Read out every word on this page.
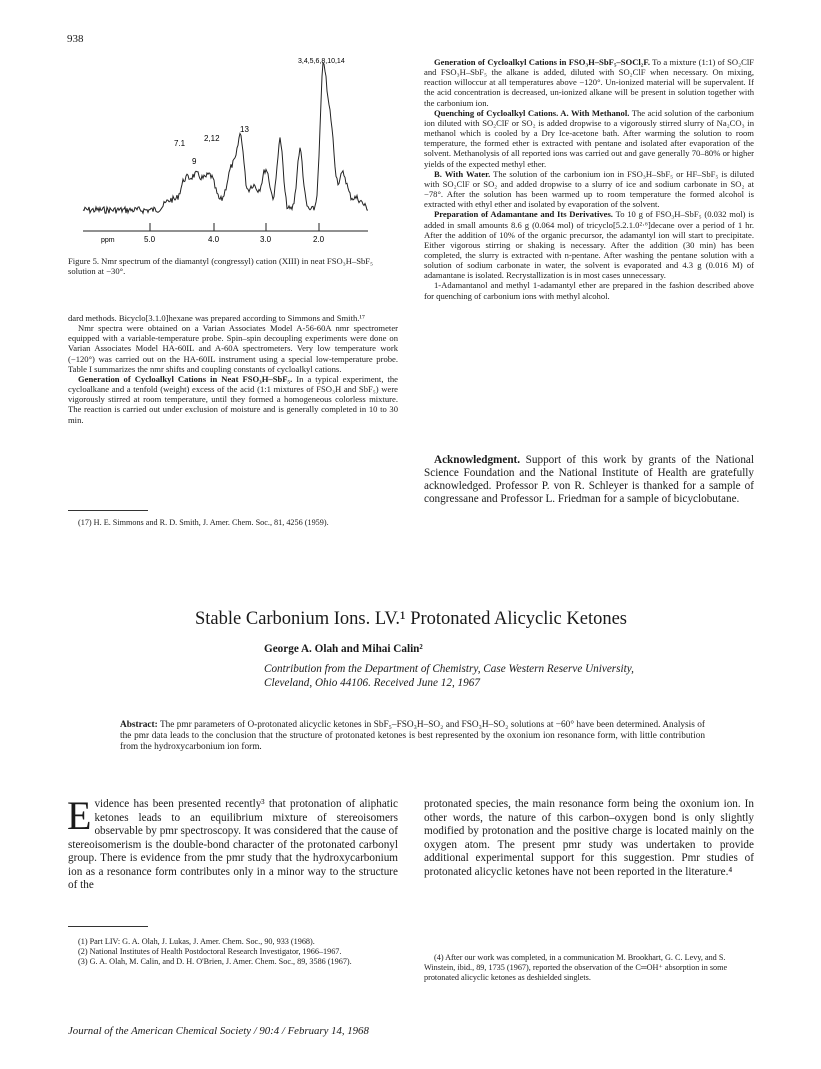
938
ppm	5.0	4.0	3.0	2.0
7.1
2,12
9
13
3,4,5,6,8,10,14
Figure 5. Nmr spectrum of the diamantyl (congressyl) cation (XIII) in neat FSO₃H–SbF₅ solution at −30°.

dard methods. Bicyclo[3.1.0]hexane was prepared according to Simmons and Smith.¹⁷

Nmr spectra were obtained on a Varian Associates Model A-56-60A nmr spectrometer equipped with a variable-temperature probe. Spin–spin decoupling experiments were done on Varian Associates Model HA-60IL and A-60A spectrometers. Very low temperature work (−120°) was carried out on the HA-60IL instrument using a special low-temperature probe. Table I summarizes the nmr shifts and coupling constants of cycloalkyl cations.

Generation of Cycloalkyl Cations in Neat FSO₃H–SbF₅. In a typical experiment, the cycloalkane and a tenfold (weight) excess of the acid (1:1 mixtures of FSO₃H and SbF₅) were vigorously stirred at room temperature, until they formed a homogeneous colorless mixture. The reaction is carried out under exclusion of moisture and is generally completed in 10 to 30 min.

(17) H. E. Simmons and R. D. Smith, J. Amer. Chem. Soc., 81, 4256 (1959).

Generation of Cycloalkyl Cations in FSO₃H–SbF₅–SOCl₂F. To a mixture (1:1) of SO₂ClF and FSO₃H–SbF₅ the alkane is added, diluted with SO₂ClF when necessary. On mixing, reaction willoccur at all temperatures above −120°. Un-ionized material will be supervalent. If the acid concentration is decreased, un-ionized alkane will be present in solution together with the carbonium ion.

Quenching of Cycloalkyl Cations. A. With Methanol. The acid solution of the carbonium ion diluted with SO₂ClF or SO₂ is added dropwise to a vigorously stirred slurry of Na₂CO₃ in methanol which is cooled by a Dry Ice-acetone bath. After warming the solution to room temperature, the formed ether is extracted with pentane and isolated after evaporation of the solvent. Methanolysis of all reported ions was carried out and gave generally 70–80% or higher yields of the expected methyl ether.

B. With Water. The solution of the carbonium ion in FSO₃H–SbF₅ or HF–SbF₅ is diluted with SO₂ClF or SO₂ and added dropwise to a slurry of ice and sodium carbonate in SO₂ at −78°. After the solution has been warmed up to room temperature the formed alcohol is extracted with ethyl ether and isolated by evaporation of the solvent.

Preparation of Adamantane and Its Derivatives. To 10 g of FSO₃H–SbF₅ (0.032 mol) is added in small amounts 8.6 g (0.064 mol) of tricyclo[5.2.1.0²·⁶]decane over a period of 1 hr. After the addition of 10% of the organic precursor, the adamantyl ion will start to precipitate. Either vigorous stirring or shaking is necessary. After the addition (30 min) has been completed, the slurry is extracted with n-pentane. After washing the pentane solution with a solution of sodium carbonate in water, the solvent is evaporated and 4.3 g (0.016 M) of adamantane is isolated. Recrystallization is in most cases unnecessary.

1-Adamantanol and methyl 1-adamantyl ether are prepared in the fashion described above for quenching of carbonium ions with methyl alcohol.

Acknowledgment. Support of this work by grants of the National Science Foundation and the National Institute of Health are gratefully acknowledged. Professor P. von R. Schleyer is thanked for a sample of congressane and Professor L. Friedman for a sample of bicyclobutane.
Stable Carbonium Ions. LV.¹ Protonated Alicyclic Ketones
George A. Olah and Mihai Calin²
Contribution from the Department of Chemistry, Case Western Reserve University,
Cleveland, Ohio 44106. Received June 12, 1967
Abstract: The pmr parameters of O-protonated alicyclic ketones in SbF₅–FSO₃H–SO₂ and FSO₃H–SO₂ solutions at −60° have been determined. Analysis of the pmr data leads to the conclusion that the structure of protonated ketones is best represented by the oxonium ion resonance form, with little contribution from the hydroxycarbonium ion form.
Evidence has been presented recently³ that protonation of aliphatic ketones leads to an equilibrium mixture of stereoisomers observable by pmr spectroscopy. It was considered that the cause of stereoisomerism is the double-bond character of the protonated carbonyl group. There is evidence from the pmr study that the hydroxycarbonium ion as a resonance form contributes only in a minor way to the structure of the
protonated species, the main resonance form being the oxonium ion. In other words, the nature of this carbon–oxygen bond is only slightly modified by protonation and the positive charge is located mainly on the oxygen atom. The present pmr study was undertaken to provide additional experimental support for this suggestion. Pmr studies of protonated alicyclic ketones have not been reported in the literature.⁴

(1) Part LIV: G. A. Olah, J. Lukas, J. Amer. Chem. Soc., 90, 933 (1968).

(2) National Institutes of Health Postdoctoral Research Investigator, 1966–1967.

(3) G. A. Olah, M. Calin, and D. H. O'Brien, J. Amer. Chem. Soc., 89, 3586 (1967).	(4) After our work was completed, in a communication M. Brookhart, G. C. Levy, and S. Winstein, ibid., 89, 1735 (1967), reported the observation of the C═OH⁺ absorption in some protonated alicyclic ketones as deshielded singlets.

Journal of the American Chemical Society / 90:4 / February 14, 1968
